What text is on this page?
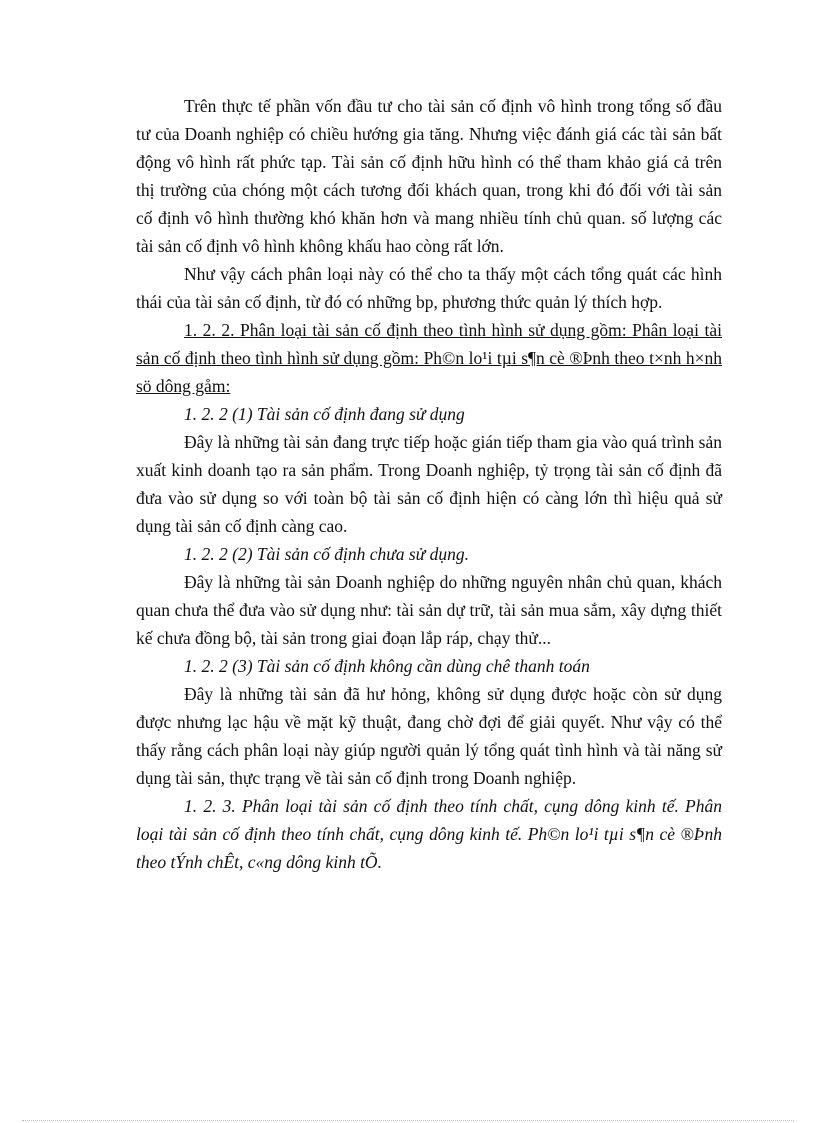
Trên thực tế phần vốn đầu tư cho tài sản cố định vô hình trong tổng số đầu tư của Doanh nghiệp có chiều hướng gia tăng. Nhưng việc đánh giá các tài sản bất động vô hình rất phức tạp. Tài sản cố định hữu hình có thể tham khảo giá cả trên thị trường của chóng một cách tương đối khách quan, trong khi đó đối với tài sản cố định vô hình thường khó khăn hơn và mang nhiều tính chủ quan. số lượng các tài sản cố định vô hình không khấu hao còng rất lớn.

Như vậy cách phân loại này có thể cho ta thấy một cách tổng quát các hình thái của tài sản cố định, từ đó có những bp, phương thức quản lý thích hợp.

1. 2. 2. Phân loại tài sản cố định theo tình hình sử dụng gồm: Phân loại tài sản cố định theo tình hình sử dụng gồm: Ph©n lo¹i tµi s¶n cè ®Þnh theo t×nh h×nh sö dông gåm:

1. 2. 2 (1) Tài sản cố định đang sử dụng

Đây là những tài sản đang trực tiếp hoặc gián tiếp tham gia vào quá trình sản xuất kinh doanh tạo ra sản phẩm. Trong Doanh nghiệp, tỷ trọng tài sản cố định đã đưa vào sử dụng so với toàn bộ tài sản cố định hiện có càng lớn thì hiệu quả sử dụng tài sản cố định càng cao.

1. 2. 2 (2) Tài sản cố định chưa sử dụng.

Đây là những tài sản Doanh nghiệp do những nguyên nhân chủ quan, khách quan chưa thể đưa vào sử dụng như: tài sản dự trữ, tài sản mua sắm, xây dựng thiết kế chưa đồng bộ, tài sản trong giai đoạn lắp ráp, chạy thử...

1. 2. 2 (3) Tài sản cố định không cần dùng chê thanh toán

Đây là những tài sản đã hư hỏng, không sử dụng được hoặc còn sử dụng được nhưng lạc hậu về mặt kỹ thuật, đang chờ đợi để giải quyết. Như vậy có thể thấy rằng cách phân loại này giúp người quản lý tổng quát tình hình và tài năng sử dụng tài sản, thực trạng về tài sản cố định trong Doanh nghiệp.

1. 2. 3. Phân loại tài sản cố định theo tính chất, cụng dông kinh tế. Phân loại tài sản cố định theo tính chất, cụng dông kinh tế. Ph©n lo¹i tµi s¶n cè ®Þnh theo tÝnh chÊt, c«ng dông kinh tÕ.
